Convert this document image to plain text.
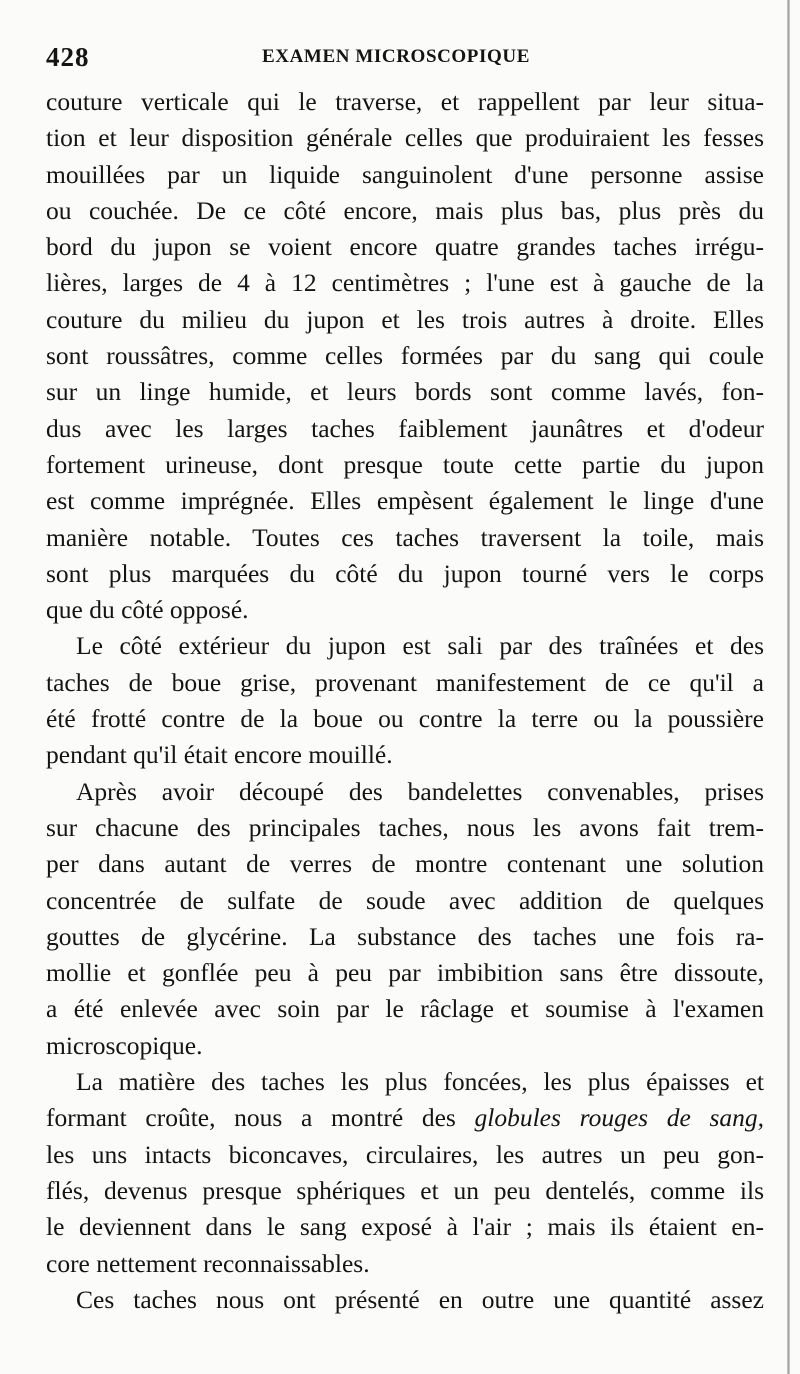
428	EXAMEN MICROSCOPIQUE
couture verticale qui le traverse, et rappellent par leur situa-
tion et leur disposition générale celles que produiraient les fesses
mouillées par un liquide sanguinolent d'une personne assise
ou couchée. De ce côté encore, mais plus bas, plus près du
bord du jupon se voient encore quatre grandes taches irrégu-
lières, larges de 4 à 12 centimètres ; l'une est à gauche de la
couture du milieu du jupon et les trois autres à droite. Elles
sont roussâtres, comme celles formées par du sang qui coule
sur un linge humide, et leurs bords sont comme lavés, fon-
dus avec les larges taches faiblement jaunâtres et d'odeur
fortement urineuse, dont presque toute cette partie du jupon
est comme imprégnée. Elles empèsent également le linge d'une
manière notable. Toutes ces taches traversent la toile, mais
sont plus marquées du côté du jupon tourné vers le corps
que du côté opposé.
Le côté extérieur du jupon est sali par des traînées et des
taches de boue grise, provenant manifestement de ce qu'il a
été frotté contre de la boue ou contre la terre ou la poussière
pendant qu'il était encore mouillé.
Après avoir découpé des bandelettes convenables, prises
sur chacune des principales taches, nous les avons fait trem-
per dans autant de verres de montre contenant une solution
concentrée de sulfate de soude avec addition de quelques
gouttes de glycérine. La substance des taches une fois ra-
mollie et gonflée peu à peu par imbibition sans être dissoute,
a été enlevée avec soin par le râclage et soumise à l'examen
microscopique.
La matière des taches les plus foncées, les plus épaisses et
formant croûte, nous a montré des globules rouges de sang,
les uns intacts biconcaves, circulaires, les autres un peu gon-
flés, devenus presque sphériques et un peu dentelés, comme ils
le deviennent dans le sang exposé à l'air ; mais ils étaient en-
core nettement reconnaissables.
Ces taches nous ont présenté en outre une quantité assez
